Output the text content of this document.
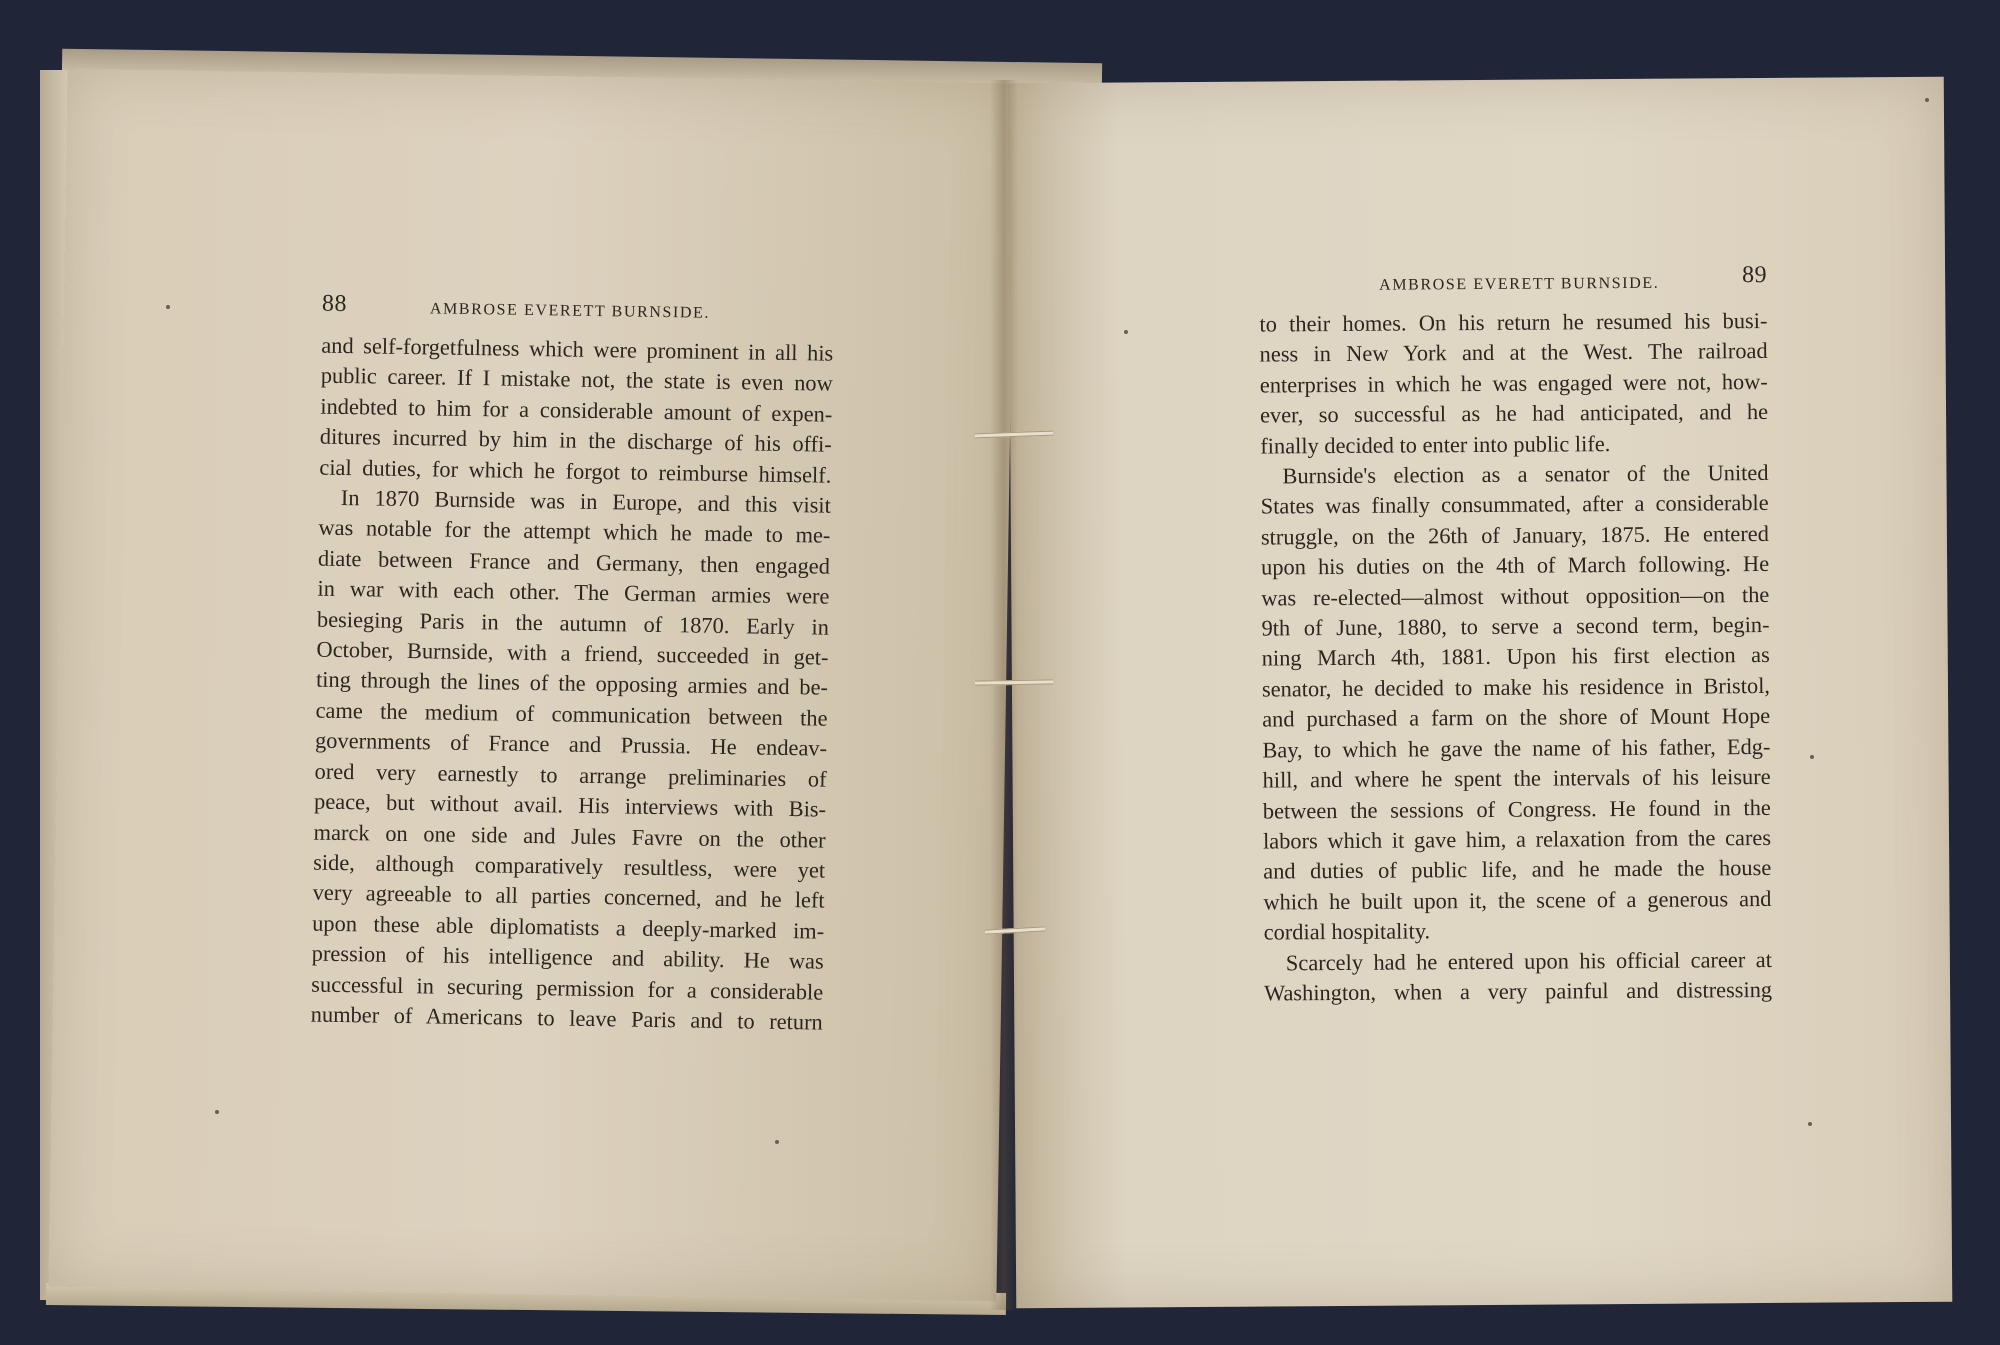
88	AMBROSE EVERETT BURNSIDE.
and self-forgetfulness which were prominent in all his
public career. If I mistake not, the state is even now
indebted to him for a considerable amount of expen-
ditures incurred by him in the discharge of his offi-
cial duties, for which he forgot to reimburse himself.
In 1870 Burnside was in Europe, and this visit
was notable for the attempt which he made to me-
diate between France and Germany, then engaged
in war with each other. The German armies were
besieging Paris in the autumn of 1870. Early in
October, Burnside, with a friend, succeeded in get-
ting through the lines of the opposing armies and be-
came the medium of communication between the
governments of France and Prussia. He endeav-
ored very earnestly to arrange preliminaries of
peace, but without avail. His interviews with Bis-
marck on one side and Jules Favre on the other
side, although comparatively resultless, were yet
very agreeable to all parties concerned, and he left
upon these able diplomatists a deeply-marked im-
pression of his intelligence and ability. He was
successful in securing permission for a considerable
number of Americans to leave Paris and to return
AMBROSE EVERETT BURNSIDE.	89
to their homes. On his return he resumed his busi-
ness in New York and at the West. The railroad
enterprises in which he was engaged were not, how-
ever, so successful as he had anticipated, and he
finally decided to enter into public life.
Burnside's election as a senator of the United
States was finally consummated, after a considerable
struggle, on the 26th of January, 1875. He entered
upon his duties on the 4th of March following. He
was re-elected—almost without opposition—on the
9th of June, 1880, to serve a second term, begin-
ning March 4th, 1881. Upon his first election as
senator, he decided to make his residence in Bristol,
and purchased a farm on the shore of Mount Hope
Bay, to which he gave the name of his father, Edg-
hill, and where he spent the intervals of his leisure
between the sessions of Congress. He found in the
labors which it gave him, a relaxation from the cares
and duties of public life, and he made the house
which he built upon it, the scene of a generous and
cordial hospitality.
Scarcely had he entered upon his official career at
Washington, when a very painful and distressing
